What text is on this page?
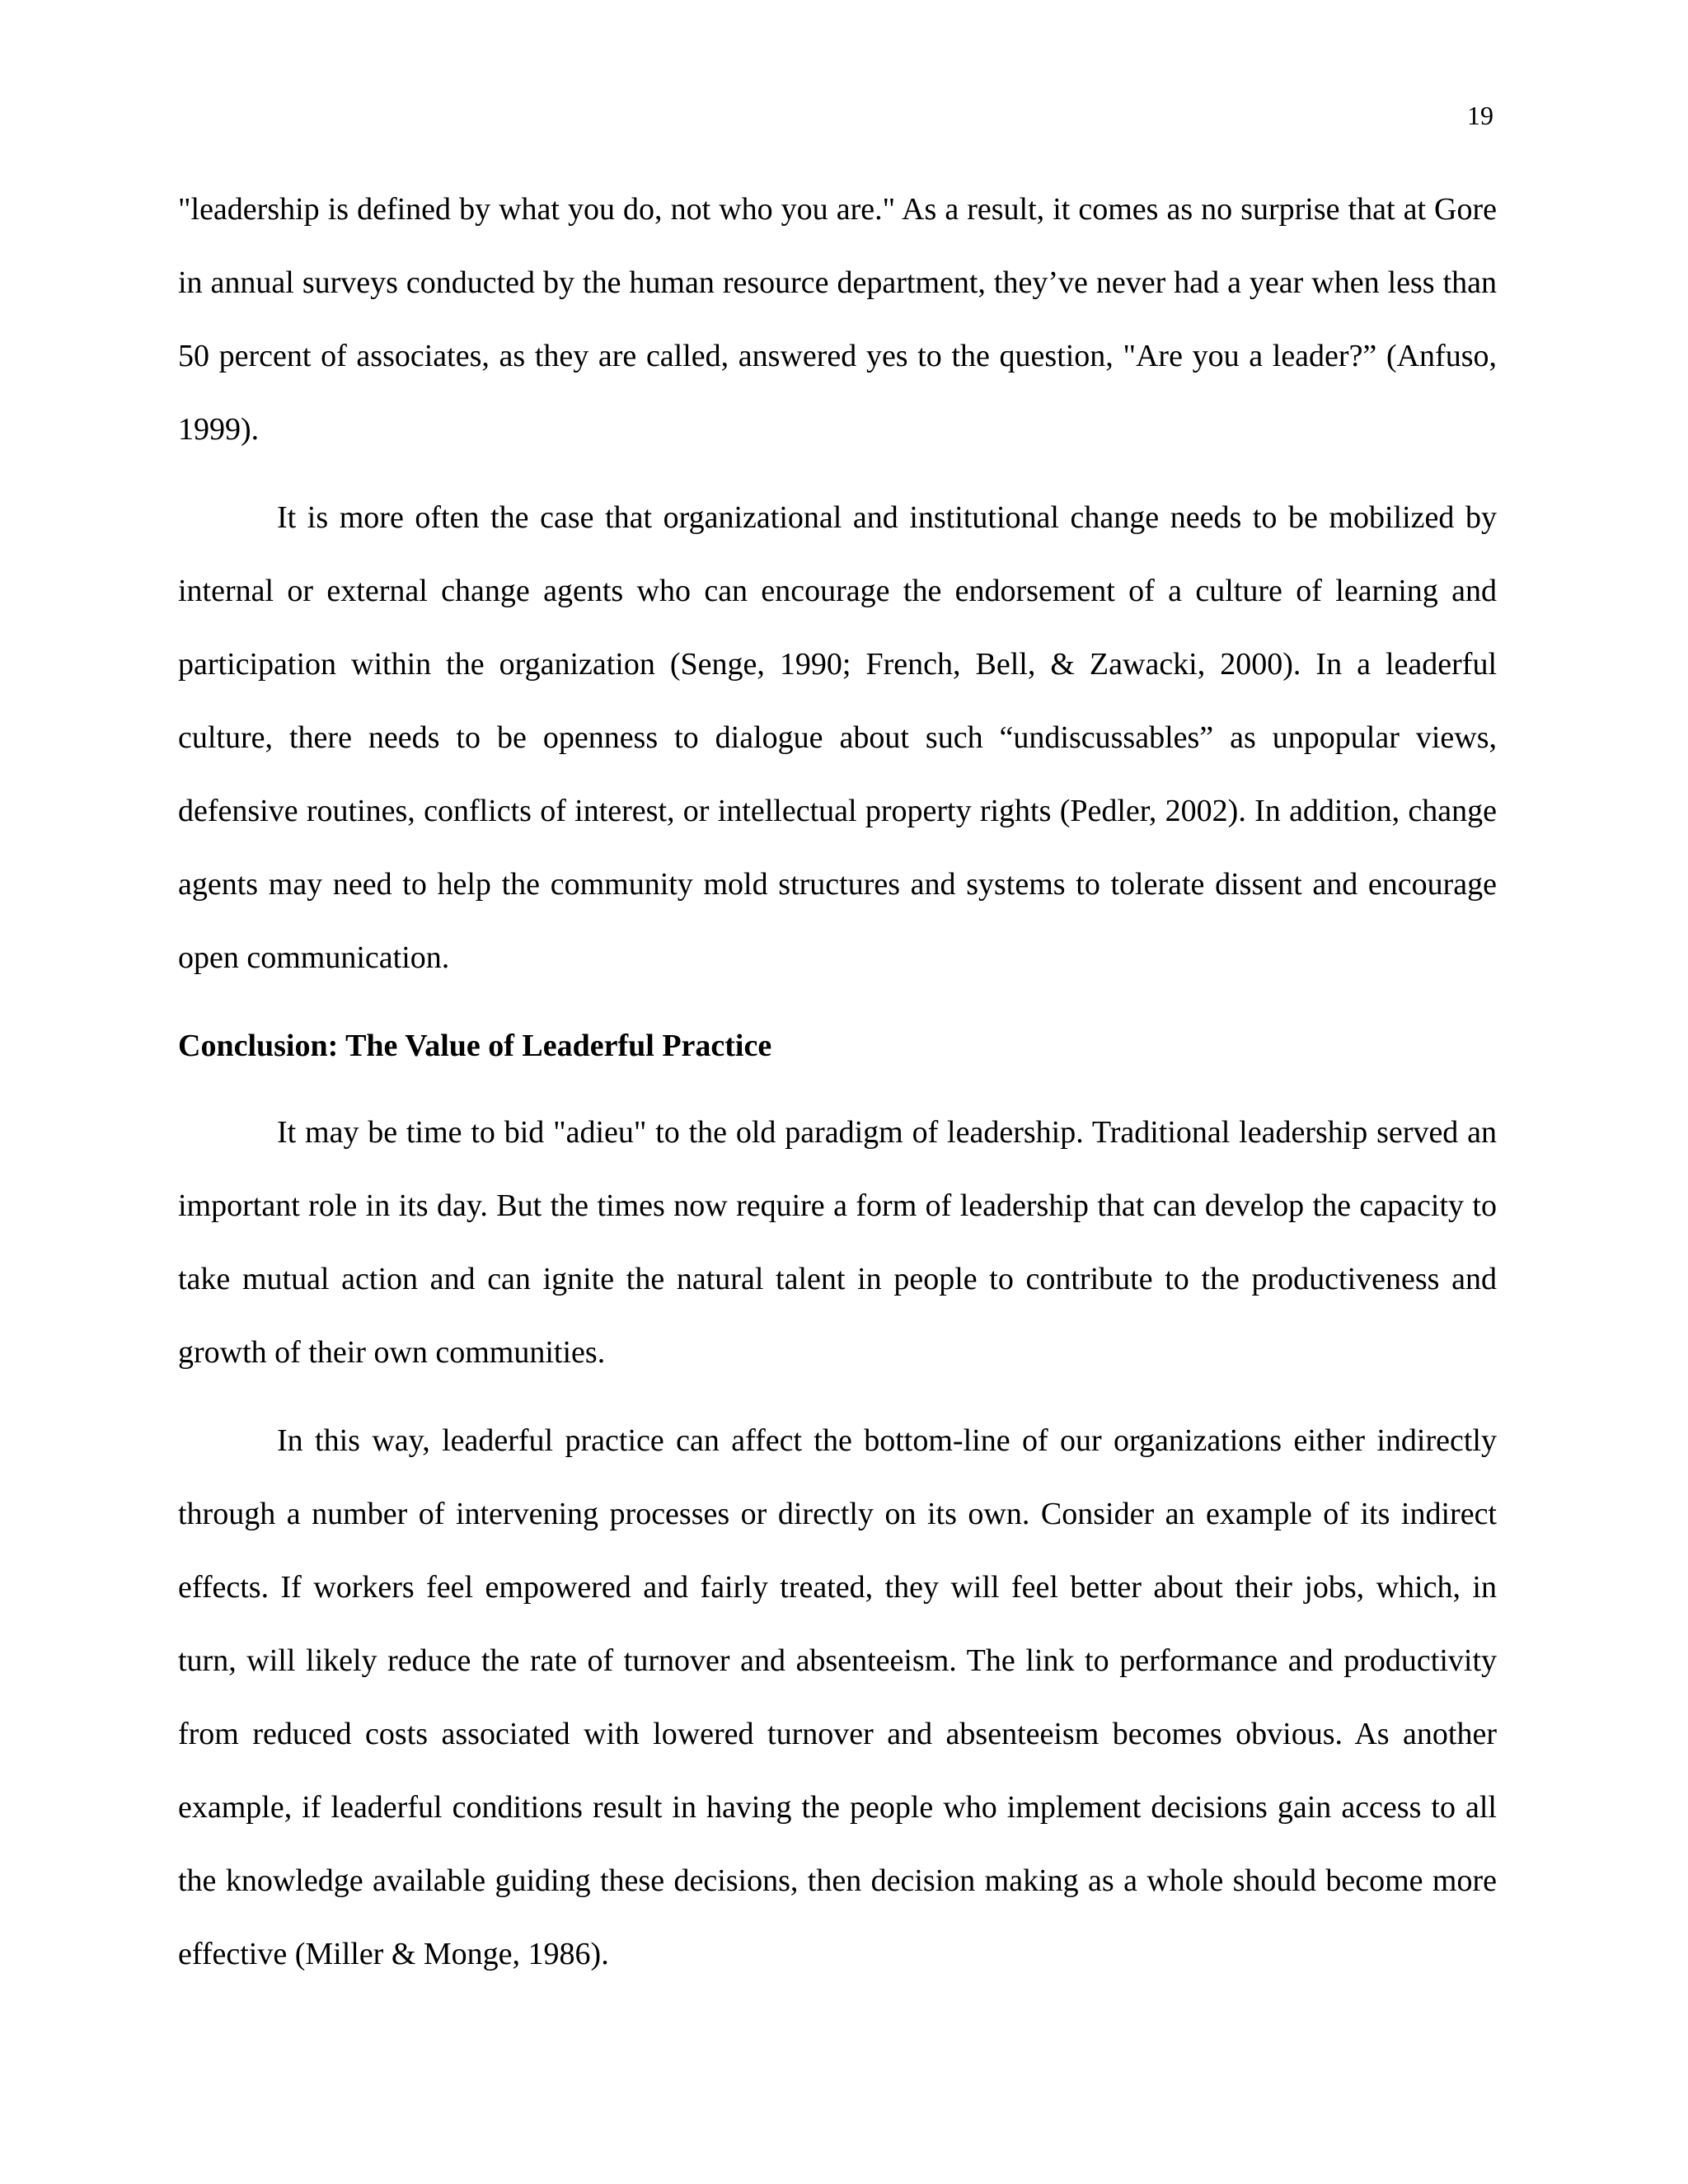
19

"leadership is defined by what you do, not who you are." As a result, it comes as no surprise that at Gore in annual surveys conducted by the human resource department, they’ve never had a year when less than 50 percent of associates, as they are called, answered yes to the question, "Are you a leader?” (Anfuso, 1999).

It is more often the case that organizational and institutional change needs to be mobilized by internal or external change agents who can encourage the endorsement of a culture of learning and participation within the organization (Senge, 1990; French, Bell, & Zawacki, 2000). In a leaderful culture, there needs to be openness to dialogue about such “undiscussables” as unpopular views, defensive routines, conflicts of interest, or intellectual property rights (Pedler, 2002). In addition, change agents may need to help the community mold structures and systems to tolerate dissent and encourage open communication.

Conclusion: The Value of Leaderful Practice

It may be time to bid "adieu" to the old paradigm of leadership. Traditional leadership served an important role in its day. But the times now require a form of leadership that can develop the capacity to take mutual action and can ignite the natural talent in people to contribute to the productiveness and growth of their own communities.

In this way, leaderful practice can affect the bottom-line of our organizations either indirectly through a number of intervening processes or directly on its own. Consider an example of its indirect effects. If workers feel empowered and fairly treated, they will feel better about their jobs, which, in turn, will likely reduce the rate of turnover and absenteeism. The link to performance and productivity from reduced costs associated with lowered turnover and absenteeism becomes obvious. As another example, if leaderful conditions result in having the people who implement decisions gain access to all the knowledge available guiding these decisions, then decision making as a whole should become more effective (Miller & Monge, 1986).
